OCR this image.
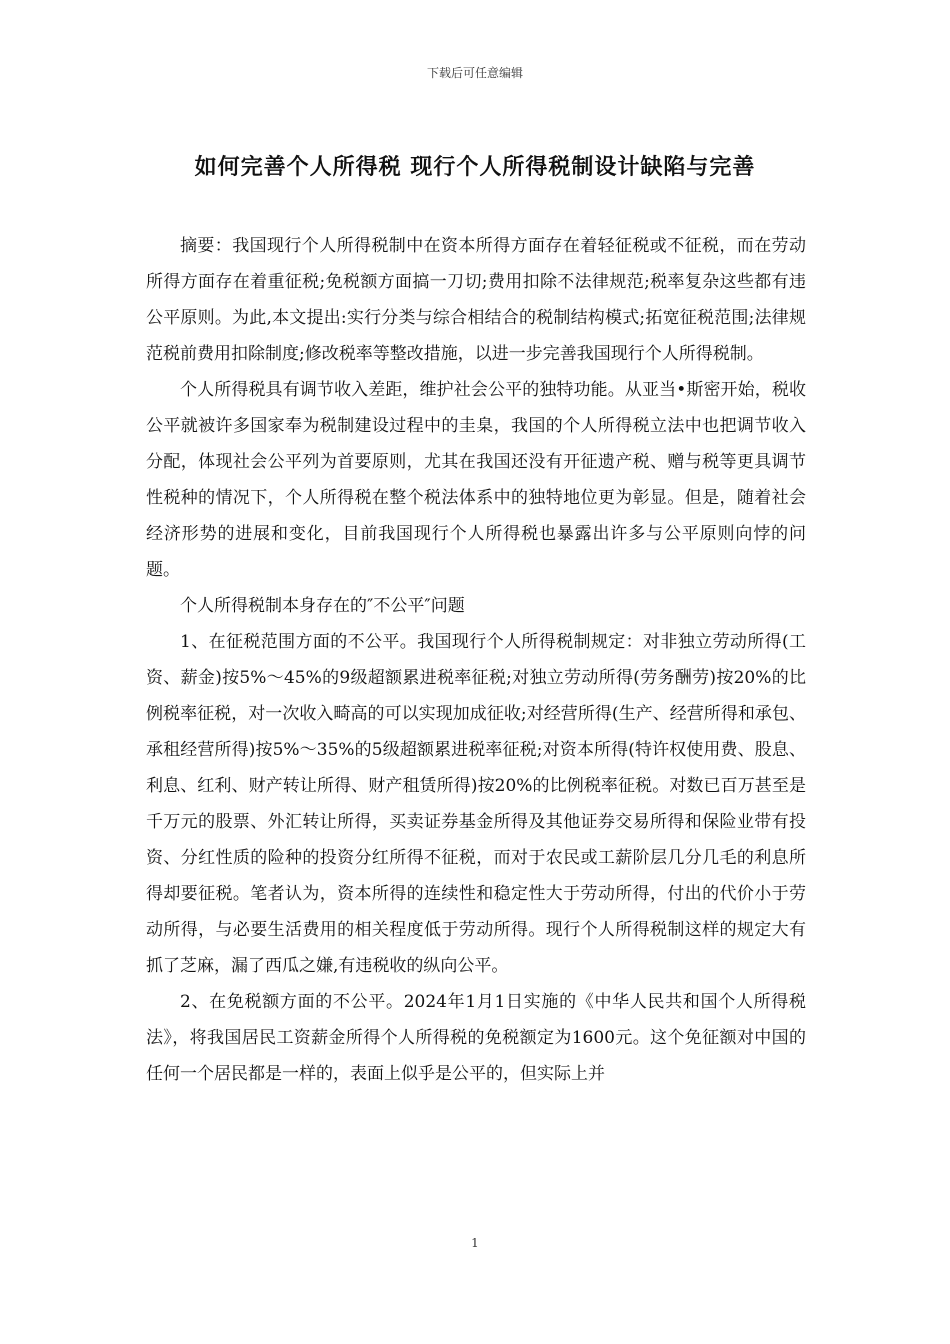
下载后可任意编辑
如何完善个人所得税 现行个人所得税制设计缺陷与完善

摘要：我国现行个人所得税制中在资本所得方面存在着轻征税或不征税，而在劳动所得方面存在着重征税;免税额方面搞一刀切;费用扣除不法律规范;税率复杂这些都有违公平原则。为此,本文提出:实行分类与综合相结合的税制结构模式;拓宽征税范围;法律规范税前费用扣除制度;修改税率等整改措施，以进一步完善我国现行个人所得税制。

个人所得税具有调节收入差距，维护社会公平的独特功能。从亚当•斯密开始，税收公平就被许多国家奉为税制建设过程中的圭臬，我国的个人所得税立法中也把调节收入分配，体现社会公平列为首要原则，尤其在我国还没有开征遗产税、赠与税等更具调节性税种的情况下，个人所得税在整个税法体系中的独特地位更为彰显。但是，随着社会经济形势的进展和变化，目前我国现行个人所得税也暴露出许多与公平原则向悖的问题。

个人所得税制本身存在的″不公平″问题

1、在征税范围方面的不公平。我国现行个人所得税制规定：对非独立劳动所得(工资、薪金)按5%～45%的9级超额累进税率征税;对独立劳动所得(劳务酬劳)按20%的比例税率征税，对一次收入畸高的可以实现加成征收;对经营所得(生产、经营所得和承包、承租经营所得)按5%～35%的5级超额累进税率征税;对资本所得(特许权使用费、股息、利息、红利、财产转让所得、财产租赁所得)按20%的比例税率征税。对数已百万甚至是千万元的股票、外汇转让所得，买卖证券基金所得及其他证券交易所得和保险业带有投资、分红性质的险种的投资分红所得不征税，而对于农民或工薪阶层几分几毛的利息所得却要征税。笔者认为，资本所得的连续性和稳定性大于劳动所得，付出的代价小于劳动所得，与必要生活费用的相关程度低于劳动所得。现行个人所得税制这样的规定大有抓了芝麻，漏了西瓜之嫌,有违税收的纵向公平。

2、在免税额方面的不公平。2024年1月1日实施的《中华人民共和国个人所得税法》，将我国居民工资薪金所得个人所得税的免税额定为1600元。这个免征额对中国的任何一个居民都是一样的，表面上似乎是公平的，但实际上并

1
